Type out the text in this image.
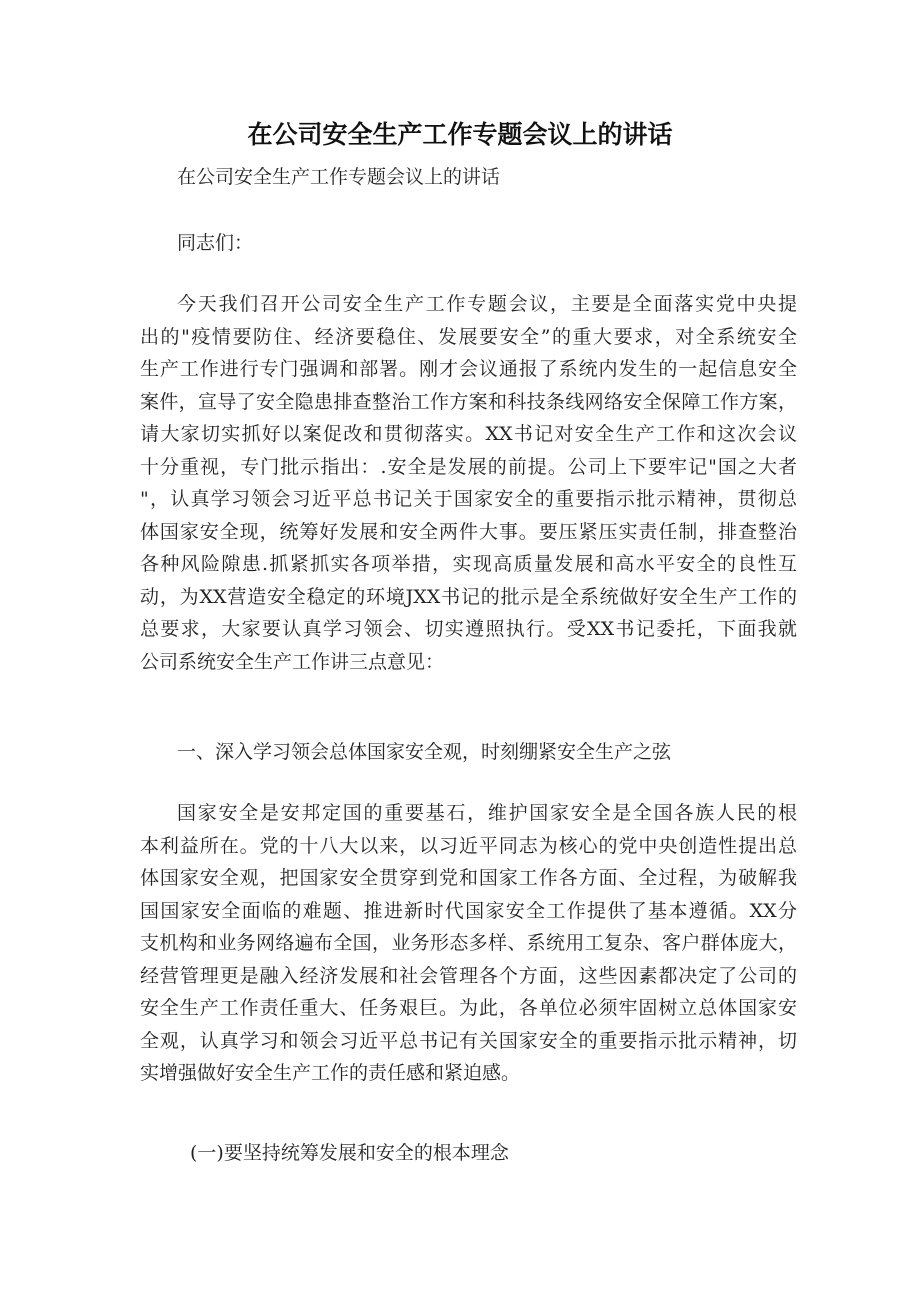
在公司安全生产工作专题会议上的讲话
在公司安全生产工作专题会议上的讲话
同志们：
今天我们召开公司安全生产工作专题会议，主要是全面落实党中央提
出的"疫情要防住、经济要稳住、发展要安全”的重大要求，对全系统安全
生产工作进行专门强调和部署。刚才会议通报了系统内发生的一起信息安全
案件，宣导了安全隐患排查整治工作方案和科技条线网络安全保障工作方案，
请大家切实抓好以案促改和贯彻落实。XX书记对安全生产工作和这次会议
十分重视，专门批示指出：.安全是发展的前提。公司上下要牢记"国之大者
"，认真学习领会习近平总书记关于国家安全的重要指示批示精神，贯彻总
体国家安全现，统筹好发展和安全两件大事。要压紧压实责任制，排查整治
各种风险隙患.抓紧抓实各项举措，实现高质量发展和高水平安全的良性互
动，为XX营造安全稳定的环境JXX书记的批示是全系统做好安全生产工作的
总要求，大家要认真学习领会、切实遵照执行。受XX书记委托，下面我就
公司系统安全生产工作讲三点意见：
一、深入学习领会总体国家安全观，时刻绷紧安全生产之弦
国家安全是安邦定国的重要基石，维护国家安全是全国各族人民的根
本利益所在。党的十八大以来，以习近平同志为核心的党中央创造性提出总
体国家安全观，把国家安全贯穿到党和国家工作各方面、全过程，为破解我
国国家安全面临的难题、推进新时代国家安全工作提供了基本遵循。XX分
支机构和业务网络遍布全国，业务形态多样、系统用工复杂、客户群体庞大，
经营管理更是融入经济发展和社会管理各个方面，这些因素都决定了公司的
安全生产工作责任重大、任务艰巨。为此，各单位必须牢固树立总体国家安
全观，认真学习和领会习近平总书记有关国家安全的重要指示批示精神，切
实增强做好安全生产工作的责任感和紧迫感。
(一)要坚持统筹发展和安全的根本理念
